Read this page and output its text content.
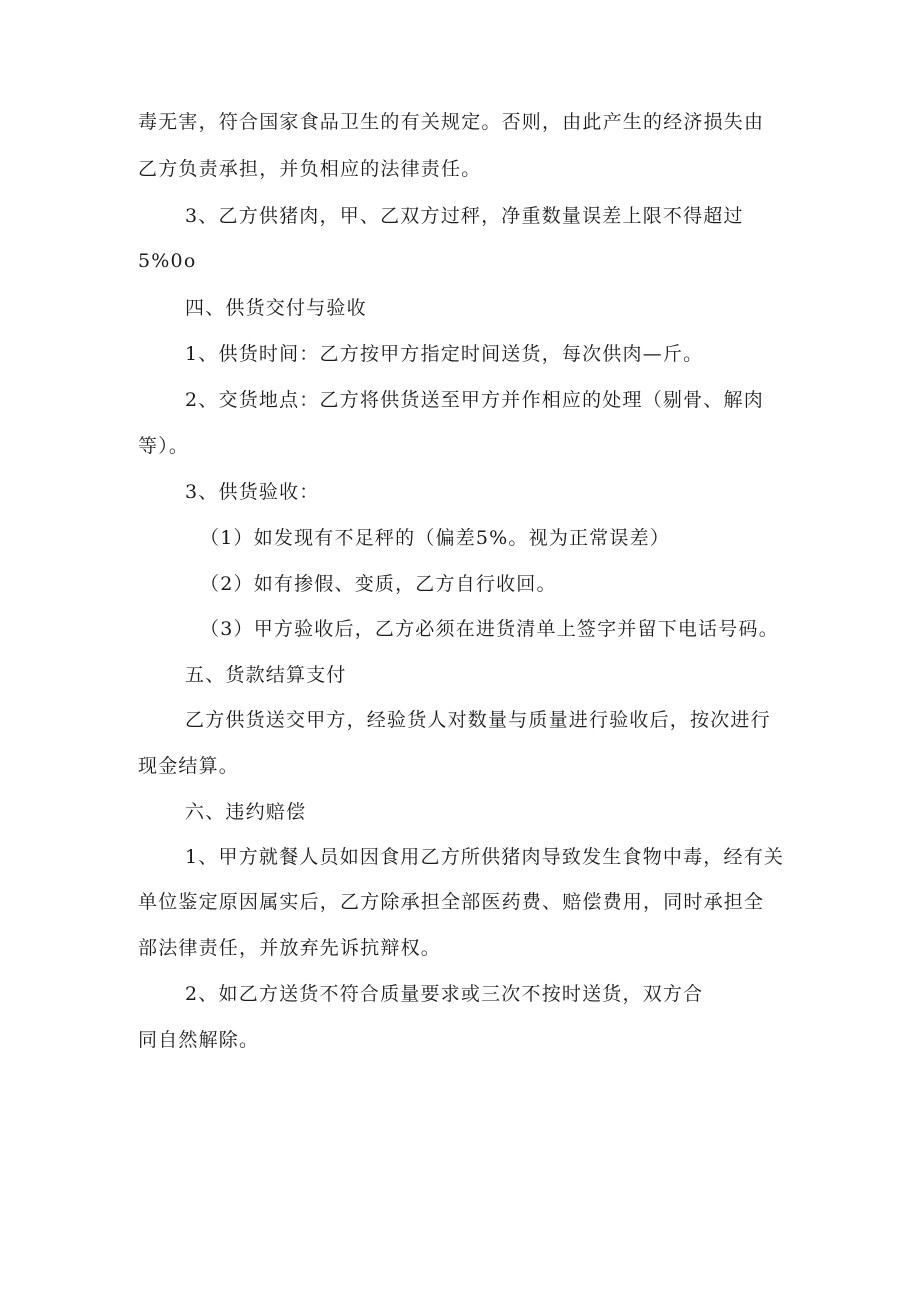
毒无害，符合国家食品卫生的有关规定。否则，由此产生的经济损失由
乙方负责承担，并负相应的法律责任。
3、乙方供猪肉，甲、乙双方过秤，净重数量误差上限不得超过
5%0o
四、供货交付与验收
1、供货时间：乙方按甲方指定时间送货，每次供肉—斤。
2、交货地点：乙方将供货送至甲方并作相应的处理（剔骨、解肉
等）。
3、供货验收：
（1）如发现有不足秤的（偏差5%。视为正常误差）
（2）如有掺假、变质，乙方自行收回。
（3）甲方验收后，乙方必须在进货清单上签字并留下电话号码。
五、货款结算支付
乙方供货送交甲方，经验货人对数量与质量进行验收后，按次进行
现金结算。
六、违约赔偿
1、甲方就餐人员如因食用乙方所供猪肉导致发生食物中毒，经有关
单位鉴定原因属实后，乙方除承担全部医药费、赔偿费用，同时承担全
部法律责任，并放弃先诉抗辩权。
2、如乙方送货不符合质量要求或三次不按时送货，双方合
同自然解除。
